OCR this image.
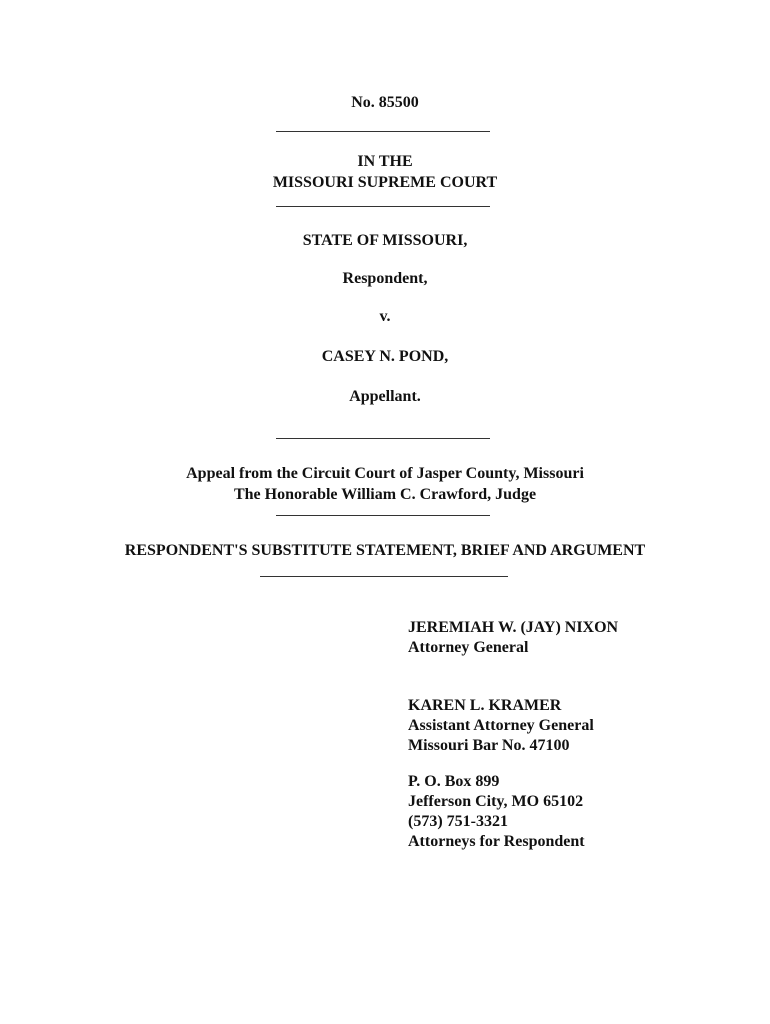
No. 85500
IN THE
MISSOURI SUPREME COURT
STATE OF MISSOURI,
Respondent,
v.
CASEY N. POND,
Appellant.
Appeal from the Circuit Court of Jasper County, Missouri
The Honorable William C. Crawford, Judge
RESPONDENT'S SUBSTITUTE STATEMENT, BRIEF AND ARGUMENT
JEREMIAH W. (JAY) NIXON
Attorney General
KAREN L. KRAMER
Assistant Attorney General
Missouri Bar No. 47100
P. O. Box 899
Jefferson City, MO 65102
(573) 751-3321
Attorneys for Respondent
